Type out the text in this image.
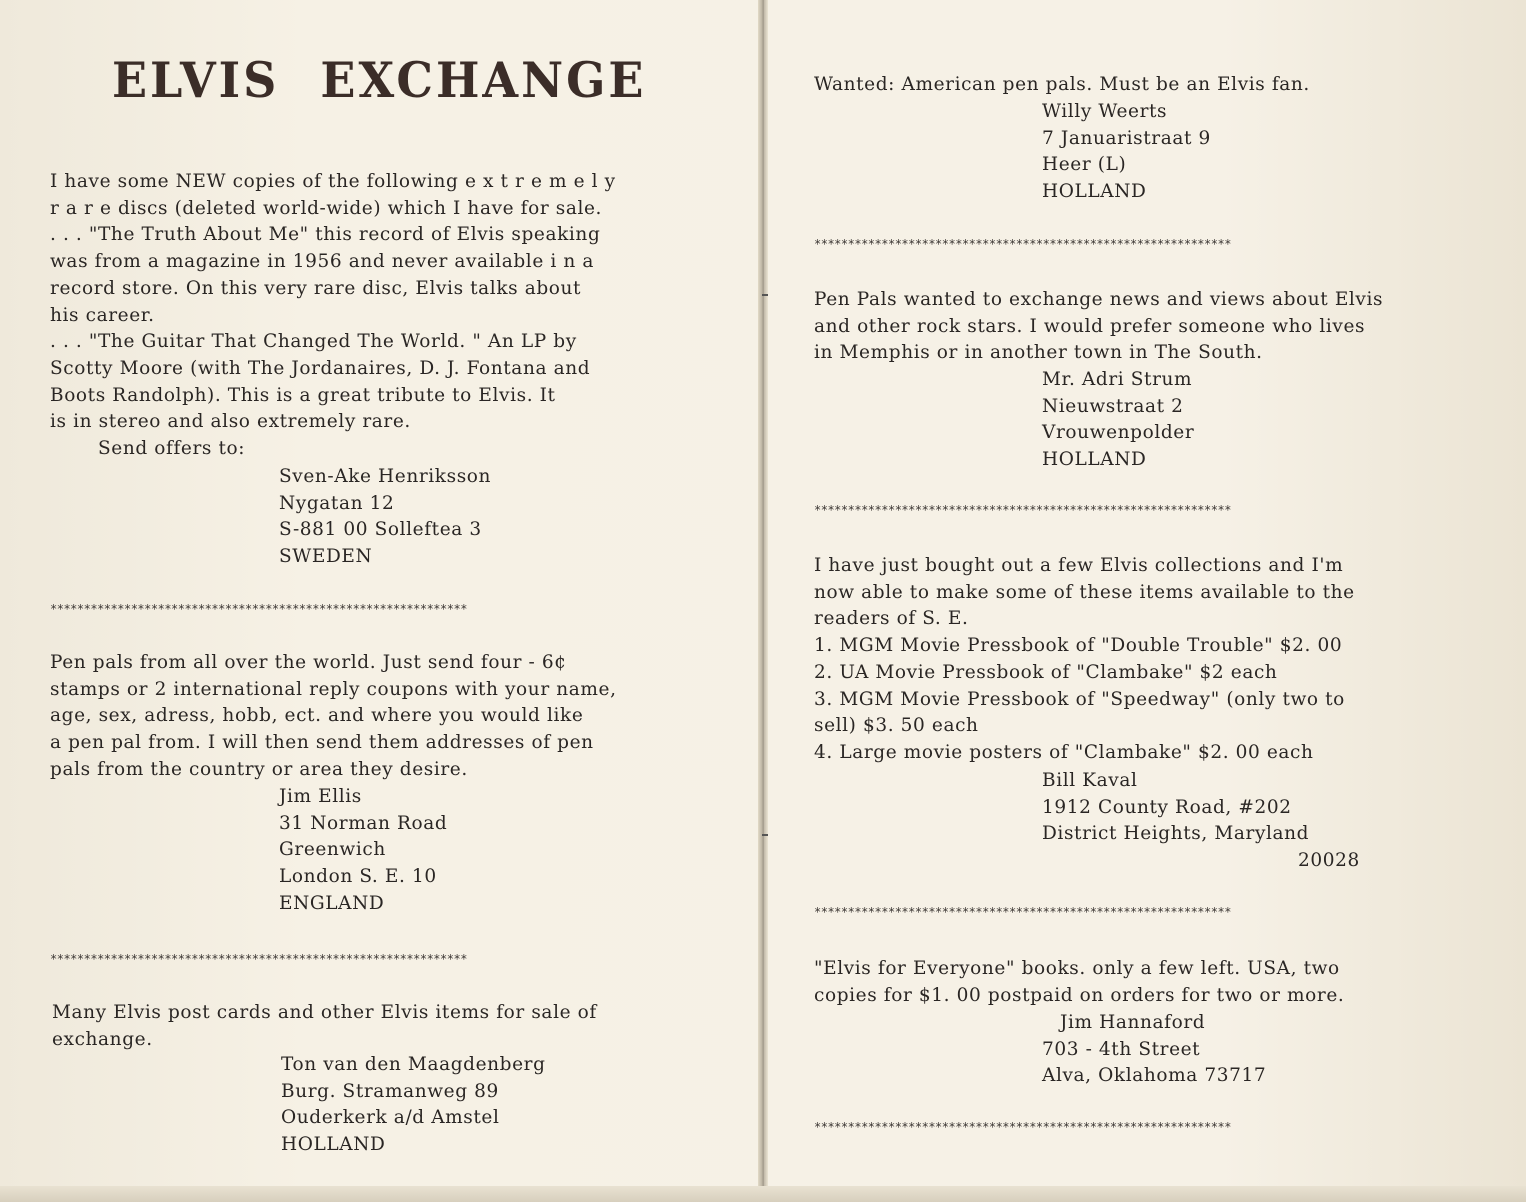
ELVIS EXCHANGE
I have some NEW copies of the following e x t r e m e l y
r a r e discs (deleted world-wide) which I have for sale.
. . . "The Truth About Me" this record of Elvis speaking
was from a magazine in 1956 and never available i n a
record store. On this very rare disc, Elvis talks about
his career.
. . . "The Guitar That Changed The World. " An LP by
Scotty Moore (with The Jordanaires, D. J. Fontana and
Boots Randolph). This is a great tribute to Elvis. It
is in stereo and also extremely rare.
Send offers to:
Sven-Ake Henriksson
Nygatan 12
S-881 00 Solleftea 3
SWEDEN
**************************************************************
Pen pals from all over the world. Just send four - 6¢
stamps or 2 international reply coupons with your name,
age, sex, adress, hobb, ect. and where you would like
a pen pal from. I will then send them addresses of pen
pals from the country or area they desire.
Jim Ellis
31 Norman Road
Greenwich
London S. E. 10
ENGLAND
**************************************************************
Many Elvis post cards and other Elvis items for sale of
exchange.
Ton van den Maagdenberg
Burg. Stramanweg 89
Ouderkerk a/d Amstel
HOLLAND
Wanted: American pen pals. Must be an Elvis fan.
Willy Weerts
7 Januaristraat 9
Heer (L)
HOLLAND
**************************************************************
Pen Pals wanted to exchange news and views about Elvis
and other rock stars. I would prefer someone who lives
in Memphis or in another town in The South.
Mr. Adri Strum
Nieuwstraat 2
Vrouwenpolder
HOLLAND
**************************************************************
I have just bought out a few Elvis collections and I'm
now able to make some of these items available to the
readers of S. E.
1. MGM Movie Pressbook of "Double Trouble" $2. 00
2. UA Movie Pressbook of "Clambake" $2 each
3. MGM Movie Pressbook of "Speedway" (only two to
sell) $3. 50 each
4. Large movie posters of "Clambake" $2. 00 each
Bill Kaval
1912 County Road, #202
District Heights, Maryland
20028
**************************************************************
"Elvis for Everyone" books. only a few left. USA, two
copies for $1. 00 postpaid on orders for two or more.
Jim Hannaford
703 - 4th Street
Alva, Oklahoma 73717
**************************************************************
